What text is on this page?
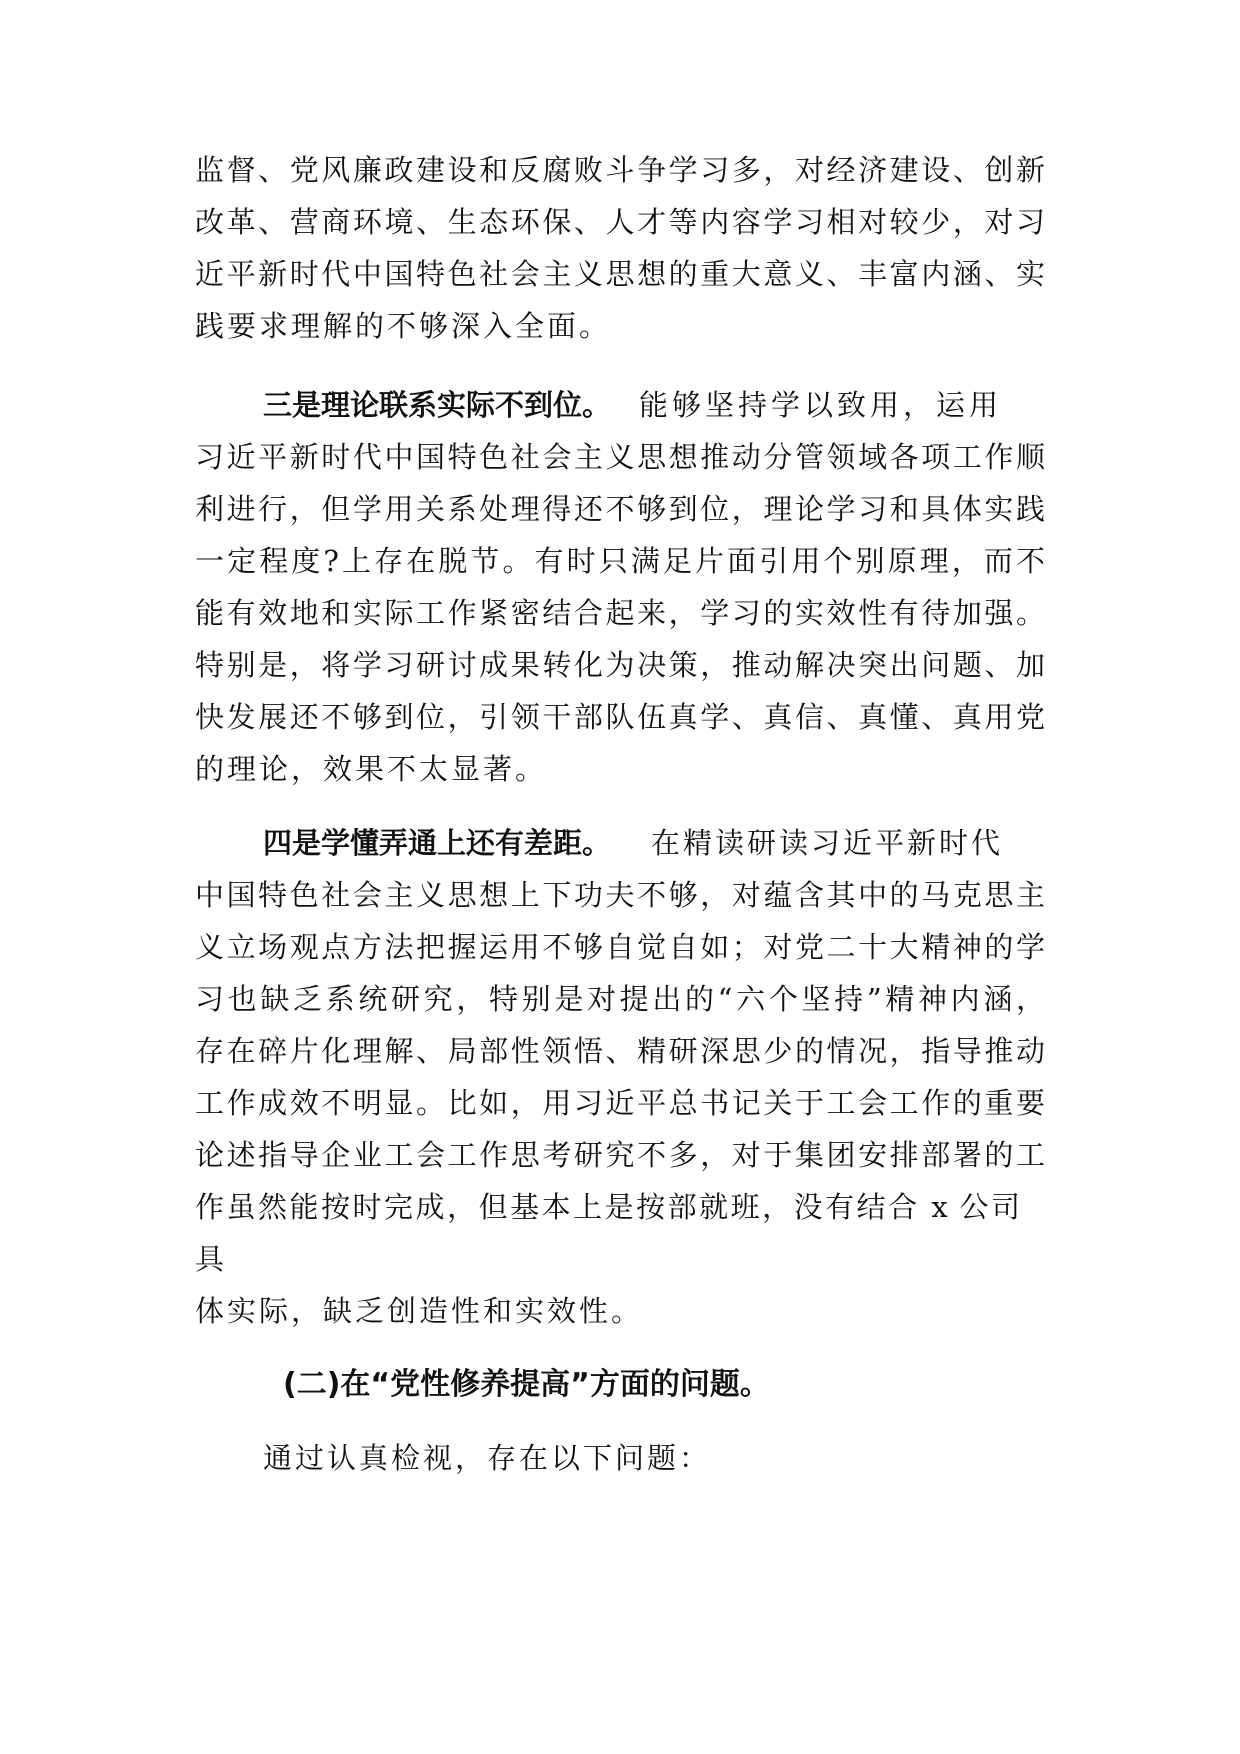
监督、党风廉政建设和反腐败斗争学习多，对经济建设、创新
改革、营商环境、生态环保、人才等内容学习相对较少，对习
近平新时代中国特色社会主义思想的重大意义、丰富内涵、实
践要求理解的不够深入全面。
三是理论联系实际不到位。 能够坚持学以致用，运用
习近平新时代中国特色社会主义思想推动分管领域各项工作顺
利进行，但学用关系处理得还不够到位，理论学习和具体实践
一定程度?上存在脱节。有时只满足片面引用个别原理，而不
能有效地和实际工作紧密结合起来，学习的实效性有待加强。
特别是，将学习研讨成果转化为决策，推动解决突出问题、加
快发展还不够到位，引领干部队伍真学、真信、真懂、真用党
的理论，效果不太显著。
四是学懂弄通上还有差距。 在精读研读习近平新时代
中国特色社会主义思想上下功夫不够，对蕴含其中的马克思主
义立场观点方法把握运用不够自觉自如；对党二十大精神的学
习也缺乏系统研究，特别是对提出的“六个坚持”精神内涵，
存在碎片化理解、局部性领悟、精研深思少的情况，指导推动
工作成效不明显。比如，用习近平总书记关于工会工作的重要
论述指导企业工会工作思考研究不多，对于集团安排部署的工
作虽然能按时完成，但基本上是按部就班，没有结合 x 公司
具
体实际，缺乏创造性和实效性。
(二)在“党性修养提高”方面的问题。
通过认真检视，存在以下问题：
